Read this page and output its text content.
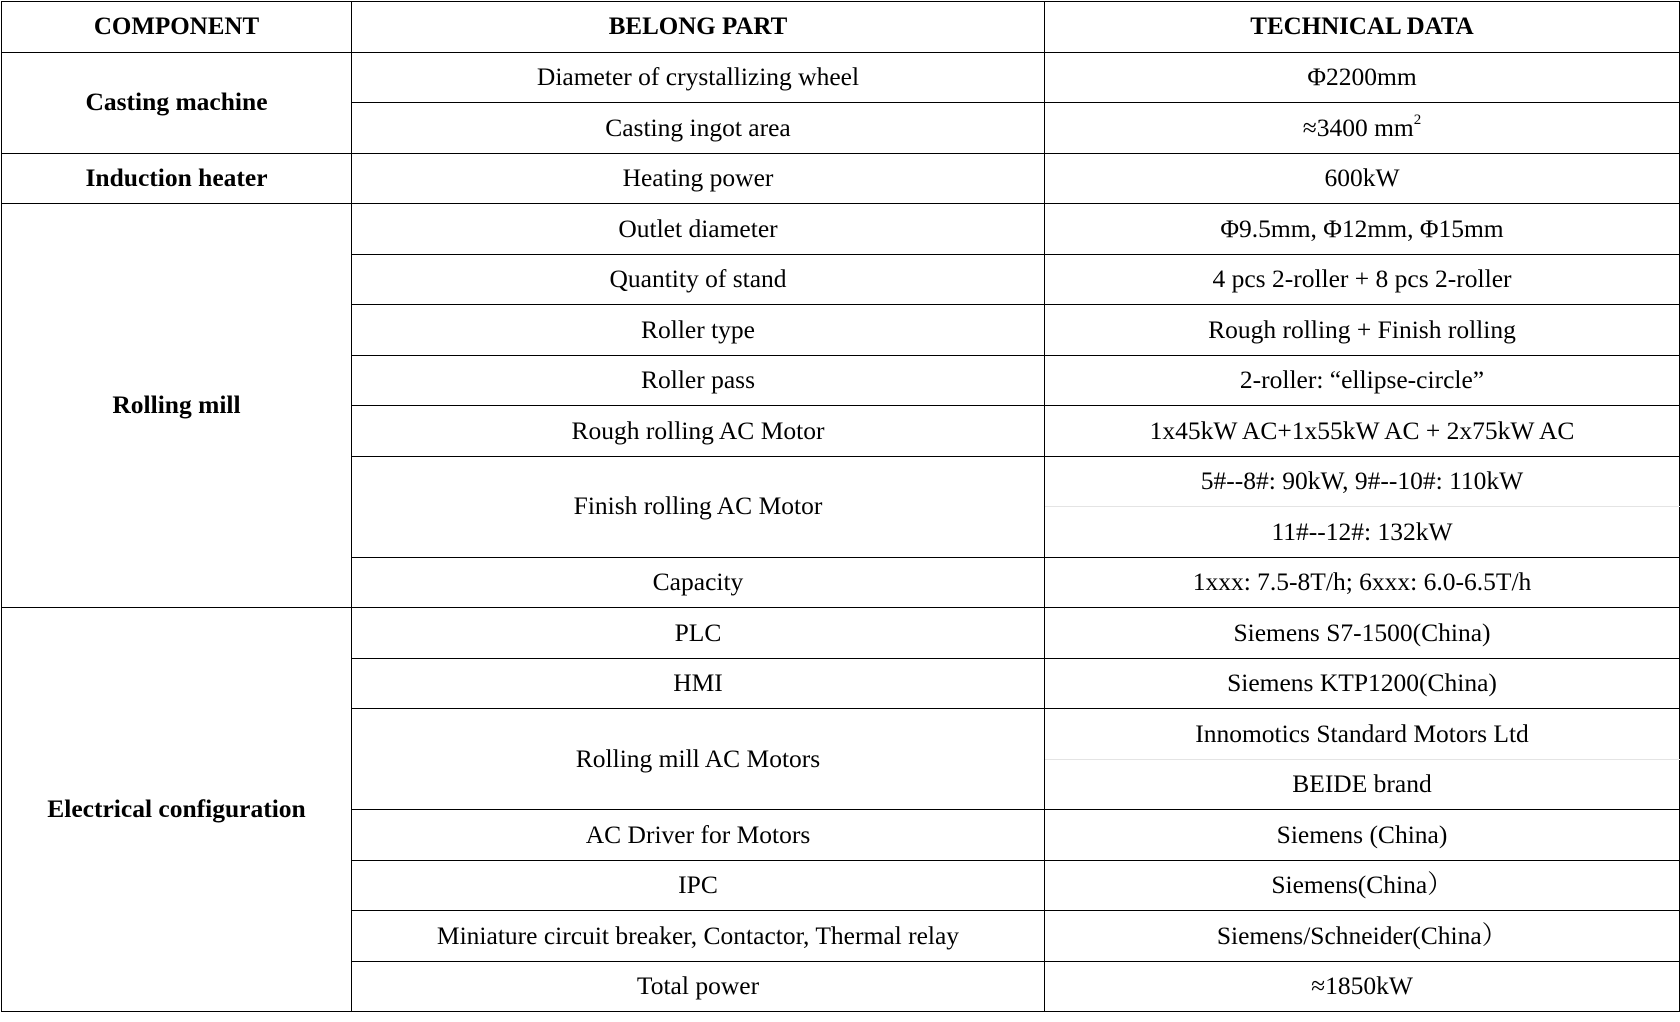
COMPONENT	BELONG PART	TECHNICAL DATA
Casting machine	Diameter of crystallizing wheel	Φ2200mm
	Casting ingot area	≈3400 $mm^2$
Induction heater	Heating power	600kW
Rolling mill	Outlet diameter	Φ9.5mm, Φ12mm, Φ15mm
	Quantity of stand	4 pcs 2-roller + 8 pcs 2-roller
	Roller type	Rough rolling + Finish rolling
	Roller pass	2-roller: “ellipse-circle”
	Rough rolling AC Motor	1x45kW AC+1x55kW AC + 2x75kW AC
	Finish rolling AC Motor	5#--8#: 90kW, 9#--10#: 110kW
		11#--12#: 132kW
	Capacity	1xxx: 7.5-8T/h; 6xxx: 6.0-6.5T/h
Electrical configuration	PLC	Siemens S7-1500(China)
	HMI	Siemens KTP1200(China)
	Rolling mill AC Motors	Innomotics Standard Motors Ltd
		BEIDE brand
	AC Driver for Motors	Siemens (China)
	IPC	Siemens(China）
	Miniature circuit breaker, Contactor, Thermal relay	Siemens/Schneider(China）
	Total power	≈1850kW
